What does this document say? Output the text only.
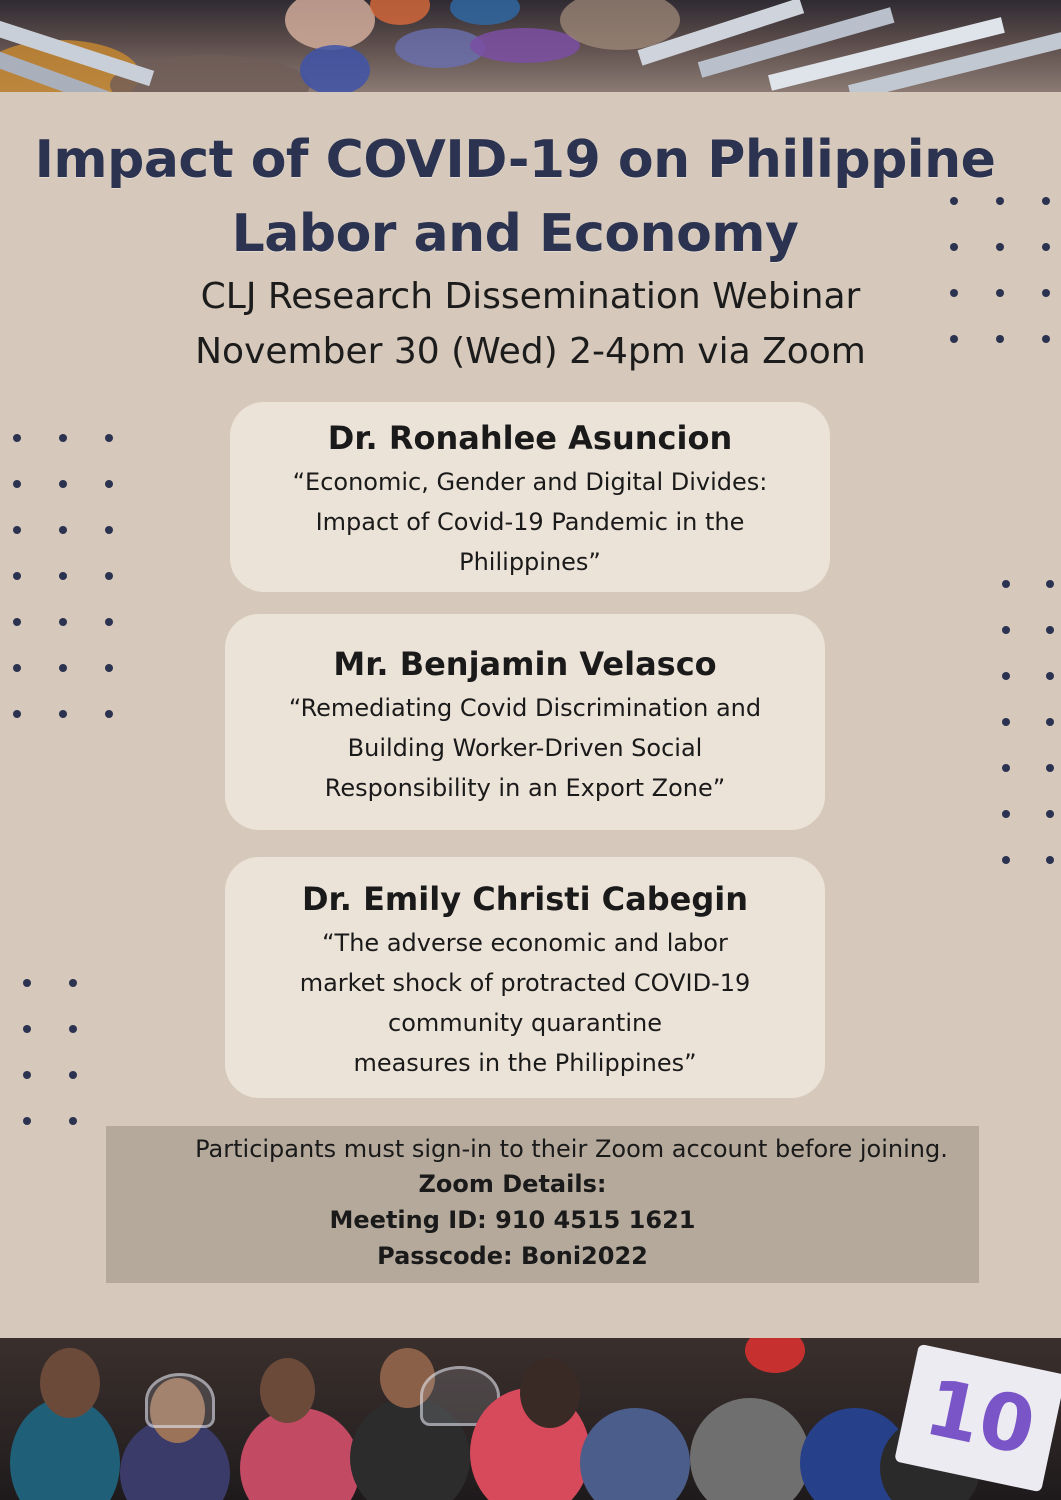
Impact of COVID-19 on Philippine
Labor and Economy
CLJ Research Dissemination Webinar
November 30 (Wed) 2-4pm via Zoom
Dr. Ronahlee Asuncion
“Economic, Gender and Digital Divides:
Impact of Covid-19 Pandemic in the
Philippines”
Mr. Benjamin Velasco
“Remediating Covid Discrimination and
Building Worker-Driven Social
Responsibility in an Export Zone”
Dr. Emily Christi Cabegin
“The adverse economic and labor
market shock of protracted COVID-19
community quarantine
measures in the Philippines”
Participants must sign-in to their Zoom account before joining.
Zoom Details:
Meeting ID: 910 4515 1621
Passcode: Boni2022
10
